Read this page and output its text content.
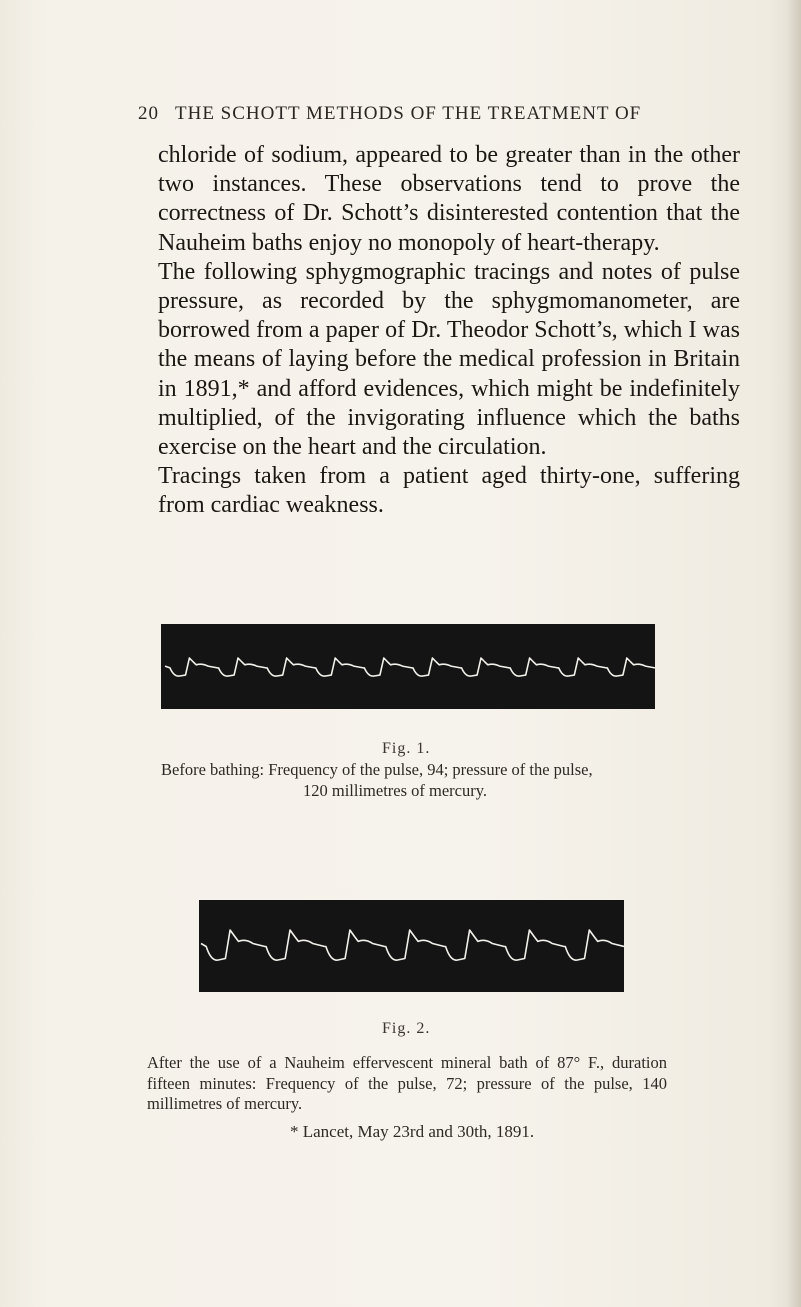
20 THE SCHOTT METHODS OF THE TREATMENT OF

chloride of sodium, appeared to be greater than in the other two instances. These observations tend to prove the correctness of Dr. Schott’s disinterested contention that the Nauheim baths enjoy no monopoly of heart-therapy.

The following sphygmographic tracings and notes of pulse pressure, as recorded by the sphygmomanometer, are borrowed from a paper of Dr. Theodor Schott’s, which I was the means of laying before the medical profession in Britain in 1891,* and afford evidences, which might be indefinitely multiplied, of the invigorating influence which the baths exercise on the heart and the circulation.

Tracings taken from a patient aged thirty-one, suffering from cardiac weakness.

Fig. 1.
Before bathing: Frequency of the pulse, 94; pressure of the pulse,
120 millimetres of mercury.
Fig. 2.
After the use of a Nauheim effervescent mineral bath of 87° F., duration fifteen minutes: Frequency of the pulse, 72; pressure of the pulse, 140 millimetres of mercury.
* Lancet, May 23rd and 30th, 1891.
